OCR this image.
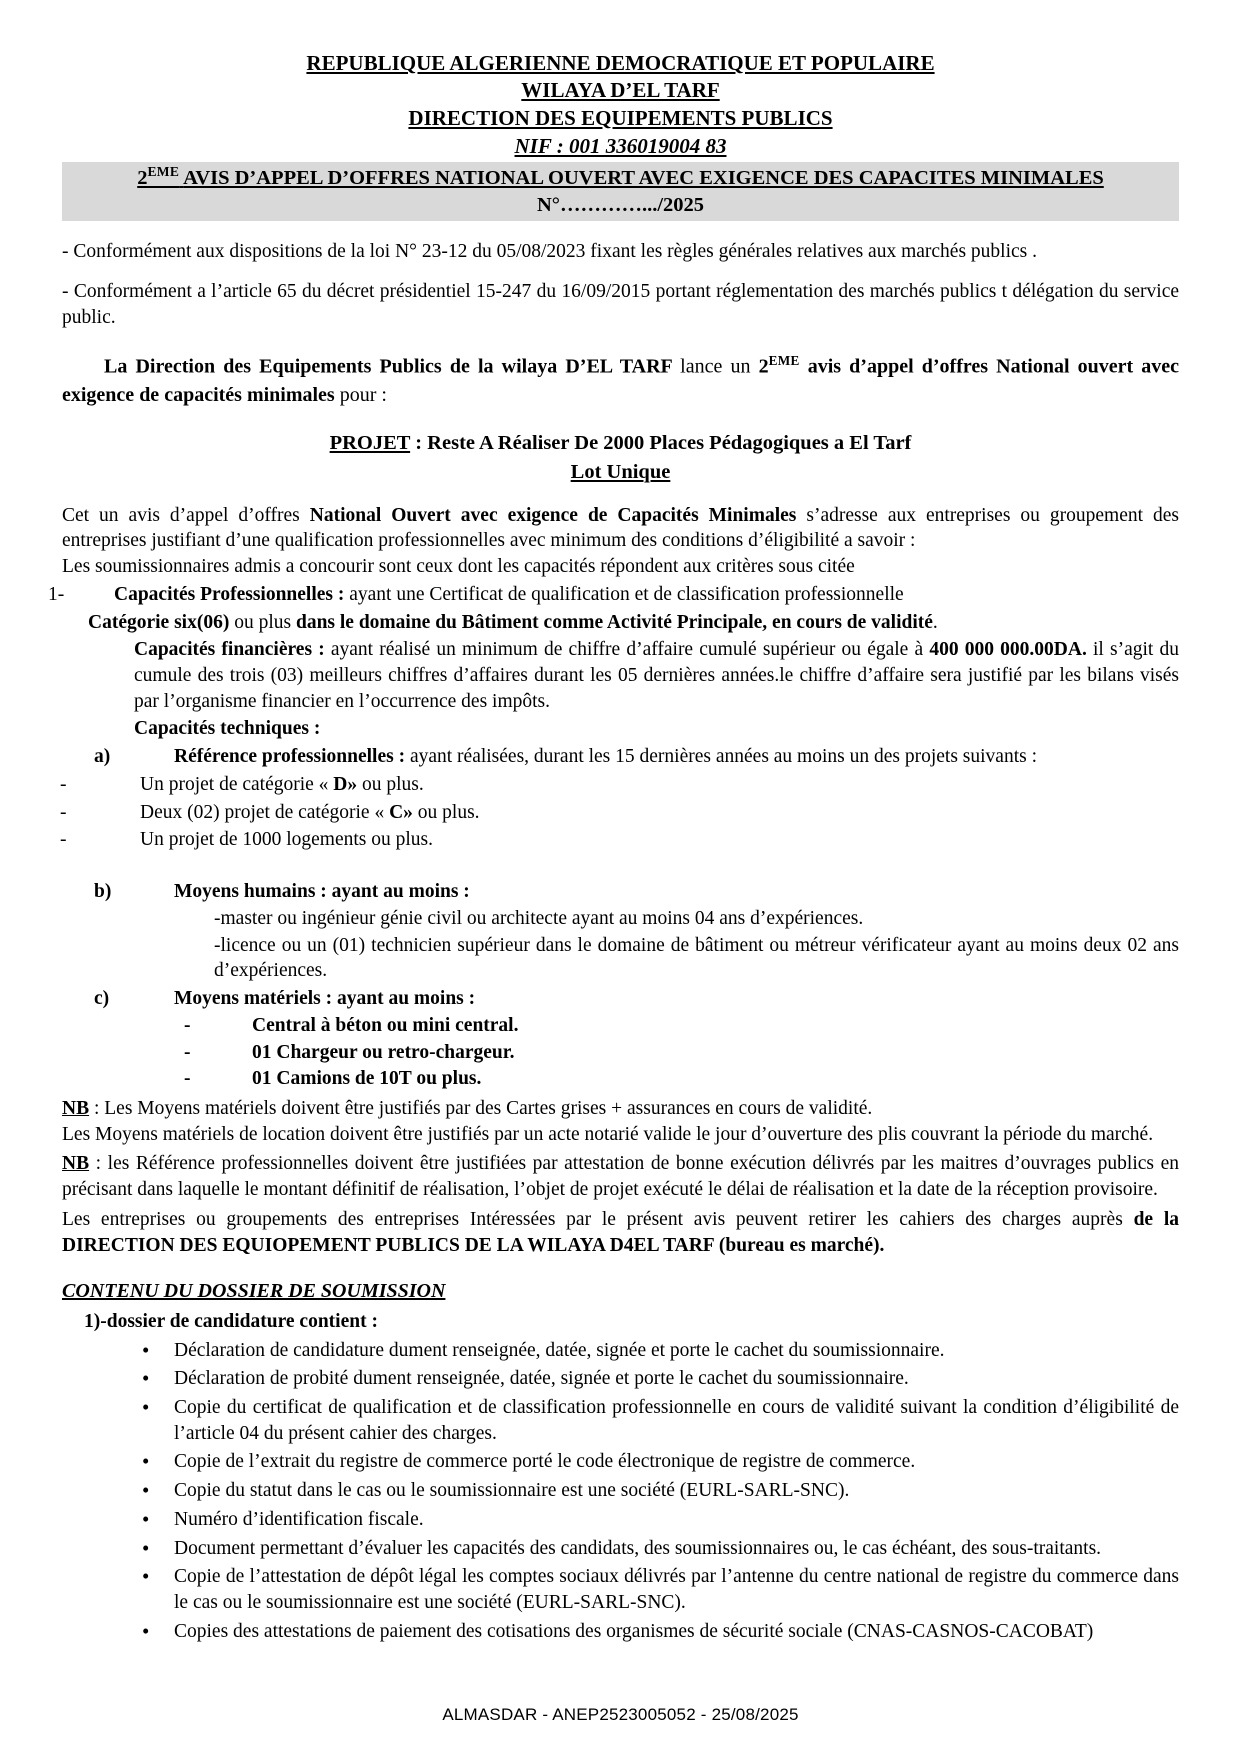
REPUBLIQUE ALGERIENNE DEMOCRATIQUE ET POPULAIRE
WILAYA D’EL TARF
DIRECTION DES EQUIPEMENTS PUBLICS
NIF : 001 336019004 83
2EME AVIS D’APPEL D’OFFRES NATIONAL OUVERT AVEC EXIGENCE DES CAPACITES MINIMALES
N°………….../2025
- Conformément aux dispositions de la loi N° 23-12 du 05/08/2023 fixant les règles générales relatives aux marchés publics .
- Conformément a l’article 65 du décret présidentiel 15-247 du 16/09/2015 portant réglementation des marchés publics t délégation du service public.
La Direction des Equipements Publics de la wilaya D’EL TARF lance un 2EME avis d’appel d’offres National ouvert avec exigence de capacités minimales pour :
PROJET : Reste A Réaliser De 2000 Places Pédagogiques a El Tarf
Lot Unique
Cet un avis d’appel d’offres National Ouvert avec exigence de Capacités Minimales s’adresse aux entreprises ou groupement des entreprises justifiant d’une qualification professionnelles avec minimum des conditions d’éligibilité a savoir :
Les soumissionnaires admis a concourir sont ceux dont les capacités répondent aux critères sous citée
1-	Capacités Professionnelles : ayant une Certificat de qualification et de classification professionnelle
Catégorie six(06) ou plus dans le domaine du Bâtiment comme Activité Principale, en cours de validité.
Capacités financières : ayant réalisé un minimum de chiffre d’affaire cumulé supérieur ou égale à 400 000 000.00DA. il s’agit du cumule des trois (03) meilleurs chiffres d’affaires durant les 05 dernières années.le chiffre d’affaire sera justifié par les bilans visés par l’organisme financier en l’occurrence des impôts.
Capacités techniques :
a)	Référence professionnelles : ayant réalisées, durant les 15 dernières années au moins un des projets suivants :
-	Un projet de catégorie « D» ou plus.
-	Deux (02) projet de catégorie « C» ou plus.
-	Un projet de 1000 logements ou plus.
b)	Moyens humains : ayant au moins :
-master ou ingénieur génie civil ou architecte ayant au moins 04 ans d’expériences.
-licence ou un (01) technicien supérieur dans le domaine de bâtiment ou métreur vérificateur ayant au moins deux 02 ans d’expériences.
c)	Moyens matériels : ayant au moins :
-	Central à béton ou mini central.
-	01 Chargeur ou retro-chargeur.
-	01 Camions de 10T ou plus.
NB : Les Moyens matériels doivent être justifiés par des Cartes grises + assurances en cours de validité.
Les Moyens matériels de location doivent être justifiés par un acte notarié valide le jour d’ouverture des plis couvrant la période du marché.
NB : les Référence professionnelles doivent être justifiées par attestation de bonne exécution délivrés par les maitres d’ouvrages publics en précisant dans laquelle le montant définitif de réalisation, l’objet de projet exécuté le délai de réalisation et la date de la réception provisoire.
Les entreprises ou groupements des entreprises Intéressées par le présent avis peuvent retirer les cahiers des charges auprès de la DIRECTION DES EQUIOPEMENT PUBLICS DE LA WILAYA D4EL TARF (bureau es marché).
CONTENU DU DOSSIER DE SOUMISSION
1)-dossier de candidature contient :
• Déclaration de candidature dument renseignée, datée, signée et porte le cachet du soumissionnaire.
• Déclaration de probité dument renseignée, datée, signée et porte le cachet du soumissionnaire.
• Copie du certificat de qualification et de classification professionnelle en cours de validité suivant la condition d’éligibilité de l’article 04 du présent cahier des charges.
• Copie de l’extrait du registre de commerce porté le code électronique de registre de commerce.
• Copie du statut dans le cas ou le soumissionnaire est une société (EURL-SARL-SNC).
• Numéro d’identification fiscale.
• Document permettant d’évaluer les capacités des candidats, des soumissionnaires ou, le cas échéant, des sous-traitants.
• Copie de l’attestation de dépôt légal les comptes sociaux délivrés par l’antenne du centre national de registre du commerce dans le cas ou le soumissionnaire est une société (EURL-SARL-SNC).
• Copies des attestations de paiement des cotisations des organismes de sécurité sociale (CNAS-CASNOS-CACOBAT)
ALMASDAR - ANEP2523005052 - 25/08/2025
